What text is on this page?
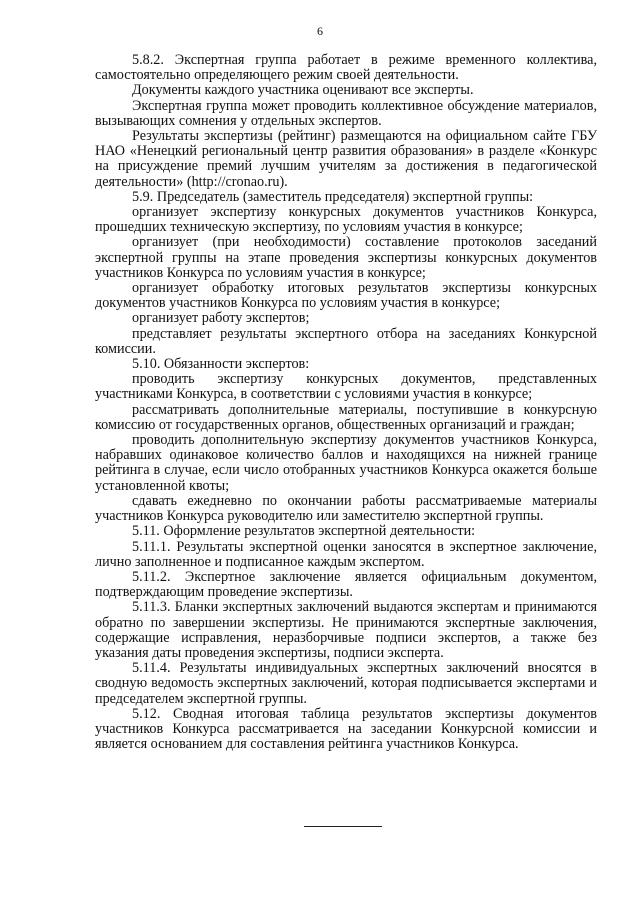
6

5.8.2. Экспертная группа работает в режиме временного коллектива, самостоятельно определяющего режим своей деятельности.

Документы каждого участника оценивают все эксперты.

Экспертная группа может проводить коллективное обсуждение материалов, вызывающих сомнения у отдельных экспертов.

Результаты экспертизы (рейтинг) размещаются на официальном сайте ГБУ НАО «Ненецкий региональный центр развития образования» в разделе «Конкурс на присуждение премий лучшим учителям за достижения в педагогической деятельности» (http://cronao.ru).

5.9. Председатель (заместитель председателя) экспертной группы:

организует экспертизу конкурсных документов участников Конкурса, прошедших техническую экспертизу, по условиям участия в конкурсе;

организует (при необходимости) составление протоколов заседаний экспертной группы на этапе проведения экспертизы конкурсных документов участников Конкурса по условиям участия в конкурсе;

организует обработку итоговых результатов экспертизы конкурсных документов участников Конкурса по условиям участия в конкурсе;

организует работу экспертов;

представляет результаты экспертного отбора на заседаниях Конкурсной комиссии.

5.10. Обязанности экспертов:

проводить экспертизу конкурсных документов, представленных участниками Конкурса, в соответствии с условиями участия в конкурсе;

рассматривать дополнительные материалы, поступившие в конкурсную комиссию от государственных органов, общественных организаций и граждан;

проводить дополнительную экспертизу документов участников Конкурса, набравших одинаковое количество баллов и находящихся на нижней границе рейтинга в случае, если число отобранных участников Конкурса окажется больше установленной квоты;

сдавать ежедневно по окончании работы рассматриваемые материалы участников Конкурса руководителю или заместителю экспертной группы.

5.11. Оформление результатов экспертной деятельности:

5.11.1. Результаты экспертной оценки заносятся в экспертное заключение, лично заполненное и подписанное каждым экспертом.

5.11.2. Экспертное заключение является официальным документом, подтверждающим проведение экспертизы.

5.11.3. Бланки экспертных заключений выдаются экспертам и принимаются обратно по завершении экспертизы. Не принимаются экспертные заключения, содержащие исправления, неразборчивые подписи экспертов, а также без указания даты проведения экспертизы, подписи эксперта.

5.11.4. Результаты индивидуальных экспертных заключений вносятся в сводную ведомость экспертных заключений, которая подписывается экспертами и председателем экспертной группы.

5.12. Сводная итоговая таблица результатов экспертизы документов участников Конкурса рассматривается на заседании Конкурсной комиссии и является основанием для составления рейтинга участников Конкурса.
